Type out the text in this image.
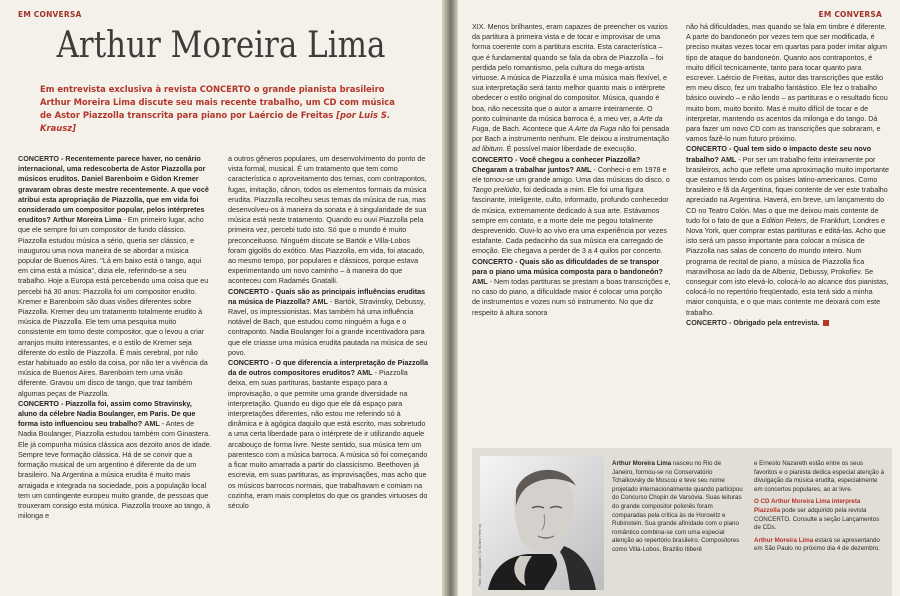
EM CONVERSA
Arthur Moreira Lima
Em entrevista exclusiva à revista CONCERTO o grande pianista brasileiro Arthur Moreira Lima discute seu mais recente trabalho, um CD com música de Astor Piazzolla transcrita para piano por Laércio de Freitas [por Luis S. Krausz]

CONCERTO - Recentemente parece haver, no cenário internacional, uma redescoberta de Astor Piazzolla por músicos eruditos. Daniel Barenboim e Gidon Kremer gravaram obras deste mestre recentemente. A que você atribui esta apropriação de Piazzolla, que em vida foi considerado um compositor popular, pelos intérpretes eruditos? Arthur Moreira Lima - Em primeiro lugar, acho que ele sempre foi um compositor de fundo clássico. Piazzolla estudou música a sério, queria ser clássico, e inaugurou uma nova maneira de se abordar a música popular de Buenos Aires. "Lá em baixo está o tango, aqui em cima está a música", dizia ele, referindo-se a seu trabalho. Hoje a Europa está percebendo uma coisa que eu percebi há 30 anos: Piazzolla foi um compositor erudito. Kremer e Barenboim são duas visões diferentes sobre Piazzolla. Kremer deu um tratamento totalmente erudito à música de Piazzolla. Ele tem uma pesquisa muito consistente em torno deste compositor, que o levou a criar arranjos muito interessantes, e o estilo de Kremer seja diferente do estilo de Piazzolla. É mais cerebral, por não estar habituado ao estilo da coisa, por não ter a vivência da música de Buenos Aires. Barenboim tem uma visão diferente. Gravou um disco de tango, que traz também algumas peças de Piazzolla.

CONCERTO - Piazzolla foi, assim como Stravinsky, aluno da célebre Nadia Boulanger, em Paris. De que forma isto influenciou seu trabalho? AML - Antes de Nadia Boulanger, Piazzolla estudou também com Ginastera. Ele já compunha música clássica aos dezoito anos de idade. Sempre teve formação clássica. Há de se convir que a formação musical de um argentino é diferente da de um brasileiro. Na Argentina a música erudita é muito mais arraigada e integrada na sociedade, pois a população local tem um contingente europeu muito grande, de pessoas que trouxeram consigo esta música. Piazzolla trouxe ao tango, à milonga e

a outros gêneros populares, um desenvolvimento do ponto de vista formal, musical. É um tratamento que tem como característica o aproveitamento dos temas, com contrapontos, fugas, imitação, cânon, todos os elementos formais da música erudita. Piazzolla recolheu seus temas da música de rua, mas desenvolveu-os à maneira da sonata e à singularidade de sua música está neste tratamento. Quando eu ouvi Piazzolla pela primeira vez, percebi tudo isto. Só que o mundo é muito preconceituoso. Ninguém discute se Bartók e Villa-Lobos foram gigolôs do exótico. Mas Piazzolla, em vida, foi atacado, ao mesmo tempo, por populares e clássicos, porque estava experimentando um novo caminho – à maneira do que aconteceu com Radamés Gnatalli.

CONCERTO - Quais são as principais influências eruditas na música de Piazzolla? AML - Bartók, Stravinsky, Debussy, Ravel, os impressionistas. Mas também há uma influência notável de Bach, que estudou como ninguém a fuga e o contraponto. Nadia Boulanger foi a grande incentivadora para que ele criasse uma música erudita pautada na música de seu povo.

CONCERTO - O que diferencia a interpretação de Piazzolla da de outros compositores eruditos? AML - Piazzolla deixa, em suas partituras, bastante espaço para a improvisação, o que permite uma grande diversidade na interpretação. Quando eu digo que ele dá espaço para interpretações diferentes, não estou me referindo só à dinâmica e à agógica daquilo que está escrito, mas sobretudo a uma certa liberdade para o intérprete de ir utilizando aquele arcabouço de forma livre. Neste sentido, sua música tem um parentesco com a música barroca. A música só foi começando a ficar muito amarrada a partir do classicismo. Beethoven já escrevia, em suas partituras, as improvisações, mas acho que os músicos barrocos normais, que trabalhavam e comiam na cozinha, eram mais completos do que os grandes virtuoses do século

EM CONVERSA

XIX. Menos brilhantes, eram capazes de preencher os vazios da partitura à primeira vista e de tocar e improvisar de uma forma coerente com a partitura escrita. Esta característica – que é fundamental quando se fala da obra de Piazzolla – foi perdida pelo romantismo, pela cultura do mega-artista virtuose. A música de Piazzolla é uma música mais flexível, e sua interpretação será tanto melhor quanto mais o intérprete obedecer o estilo original do compositor. Música, quando é boa, não necessita que o autor a amarre inteiramente. O ponto culminante da música barroca é, a meu ver, a Arte da Fuga, de Bach. Acontece que A Arte da Fuga não foi pensada por Bach a instrumento nenhum. Ele deixou a instrumentação ad libitum. É possível maior liberdade de execução.

CONCERTO - Você chegou a conhecer Piazzolla? Chegaram a trabalhar juntos? AML - Conheci-o em 1978 e ele tornou-se um grande amigo. Uma das músicas do disco, o Tango prelúdio, foi dedicada a mim. Ele foi uma figura fascinante, inteligente, culto, informado, profundo conhecedor de música, extremamente dedicado à sua arte. Estávamos sempre em contato, e a morte dele me pegou totalmente desprevenido. Ouvi-lo ao vivo era uma experiência por vezes estafante. Cada pedacinho da sua música era carregado de emoção. Ele chegava a perder de 3 a 4 quilos por concerto.

CONCERTO - Quais são as dificuldades de se transpor para o piano uma música composta para o bandoneón? AML - Nem todas partituras se prestam a boas transcrições e, no caso do piano, a dificuldade maior é colocar uma porção de instrumentos e vozes num só instrumento. No que diz respeito à altura sonora

não há dificuldades, mas quando se fala em timbre é diferente. A parte do bandoneón por vezes tem que ser modificada, é preciso muitas vezes tocar em quartas para poder imitar algum tipo de ataque do bandoneón. Quanto aos contrapontos, é muito difícil tecnicamente, tanto para tocar quanto para escrever. Laércio de Freitas, autor das transcrições que estão em meu disco, fez um trabalho fantástico. Ele fez o trabalho básico ouvindo – e não lendo – as partituras e o resultado ficou muito bom, muito bonito. Mas é muito difícil de tocar e de interpretar, mantendo os acentos da milonga e do tango. Dá para fazer um novo CD com as transcrições que sobraram, e vamos fazê-lo num futuro próximo.

CONCERTO - Qual tem sido o impacto deste seu novo trabalho? AML - Por ser um trabalho feito inteiramente por brasileiros, acho que reflete uma aproximação muito importante que estamos tendo com os países latino-americanos. Como brasileiro e fã da Argentina, fiquei contente de ver este trabalho apreciado na Argentina. Haverá, em breve, um lançamento do CD no Teatro Colón. Mas o que me deixou mais contente de tudo foi o fato de que a Edition Peters, de Frankfurt, Londres e Nova York, quer comprar estas partituras e editá-las. Acho que isto será um passo importante para colocar a música de Piazzolla nas salas de concerto do mundo inteiro. Num programa de recital de piano, a música de Piazzolla fica maravilhosa ao lado da de Albeniz, Debussy, Prokofiev. Se conseguir com isto elevá-lo, colocá-lo ao alcance dos pianistas, colocá-lo no repertório freqüentado, esta terá sido a minha maior conquista, e o que mais contente me deixará com este trabalho.

CONCERTO - Obrigado pela entrevista.

Foto: Divulgação / Cristiane Hennig

Arthur Moreira Lima nasceu no Rio de Janeiro, formou-se no Conservatório Tchaikovsky de Moscou e teve seu nome projetado internacionalmente quando participou do Concurso Chopin de Varsóvia. Suas leituras do grande compositor polonês foram comparadas pela crítica às de Horowitz e Rubinstein. Sua grande afinidade com o piano romântico combina-se com uma especial atenção ao repertório brasileiro. Compositores como Villa-Lobos, Brazilio Itiberê

e Ernesto Nazareth estão entre os seus favoritos e o pianista dedica especial atenção à divulgação da música erudita, especialmente em concertos populares, ao ar livre.

O CD Arthur Moreira Lima interpreta Piazzolla pode ser adquirido pela revista CONCERTO. Consulte a seção Lançamentos de CDs.

Arthur Moreira Lima estará se apresentando em São Paulo no próximo dia 4 de dezembro.
